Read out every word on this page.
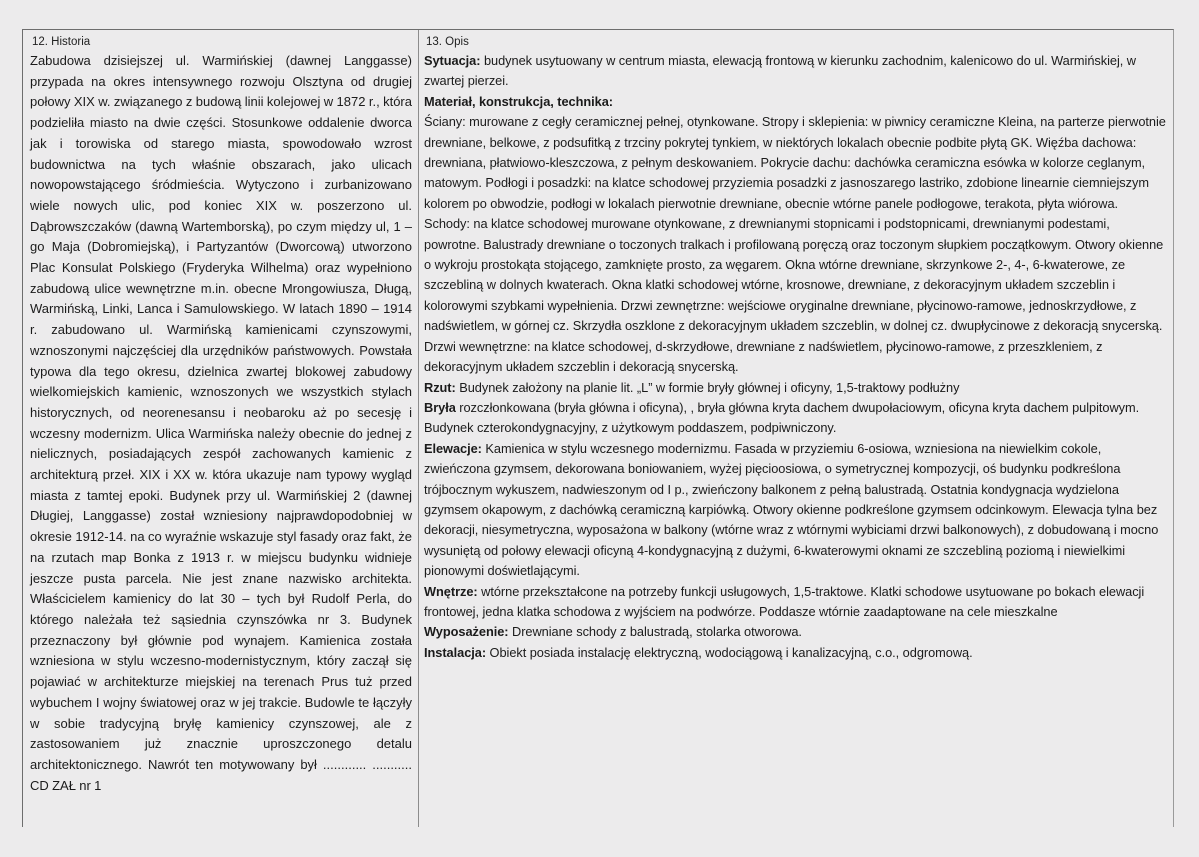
12. Historia	13. Opis

Zabudowa dzisiejszej ul. Warmińskiej (dawnej Langgasse) przypada na okres intensywnego rozwoju Olsztyna od drugiej połowy XIX w. związanego z budową linii kolejowej w 1872 r., która podzieliła miasto na dwie części. Stosunkowe oddalenie dworca jak i torowiska od starego miasta, spowodowało wzrost budownictwa na tych właśnie obszarach, jako ulicach nowopowstającego śródmieścia. Wytyczono i zurbanizowano wiele nowych ulic, pod koniec XIX w. poszerzono ul. Dąbrowszczaków (dawną Wartemborską), po czym między ul, 1 – go Maja (Dobromiejską), i Partyzantów (Dworcową) utworzono Plac Konsulat Polskiego (Fryderyka Wilhelma) oraz wypełniono zabudową ulice wewnętrzne m.in. obecne Mrongowiusza, Długą, Warmińską, Linki, Lanca i Samulowskiego. W latach 1890 – 1914 r. zabudowano ul. Warmińską kamienicami czynszowymi, wznoszonymi najczęściej dla urzędników państwowych. Powstała typowa dla tego okresu, dzielnica zwartej blokowej zabudowy wielkomiejskich kamienic, wznoszonych we wszystkich stylach historycznych, od neorenesansu i neobaroku aż po secesję i wczesny modernizm. Ulica Warmińska należy obecnie do jednej z nielicznych, posiadających zespół zachowanych kamienic z architekturą przeł. XIX i XX w. która ukazuje nam typowy wygląd miasta z tamtej epoki. Budynek przy ul. Warmińskiej 2 (dawnej Długiej, Langgasse) został wzniesiony najprawdopodobniej w okresie 1912-14. na co wyraźnie wskazuje styl fasady oraz fakt, że na rzutach map Bonka z 1913 r. w miejscu budynku widnieje jeszcze pusta parcela. Nie jest znane nazwisko architekta. Właścicielem kamienicy do lat 30 – tych był Rudolf Perla, do którego należała też sąsiednia czynszówka nr 3. Budynek przeznaczony był głównie pod wynajem. Kamienica została wzniesiona w stylu wczesno-modernistycznym, który zaczął się pojawiać w architekturze miejskiej na terenach Prus tuż przed wybuchem I wojny światowej oraz w jej trakcie. Budowle te łączyły w sobie tradycyjną bryłę kamienicy czynszowej, ale z zastosowaniem już znacznie uproszczonego detalu architektonicznego. Nawrót ten motywowany był ............ ........... CD ZAŁ nr 1

Sytuacja: budynek usytuowany w centrum miasta, elewacją frontową w kierunku zachodnim, kalenicowo do ul. Warmińskiej, w zwartej pierzei.

Materiał, konstrukcja, technika:

Ściany: murowane z cegły ceramicznej pełnej, otynkowane. Stropy i sklepienia: w piwnicy ceramiczne Kleina, na parterze pierwotnie drewniane, belkowe, z podsufitką z trzciny pokrytej tynkiem, w niektórych lokalach obecnie podbite płytą GK. Więźba dachowa: drewniana, płatwiowo-kleszczowa, z pełnym deskowaniem. Pokrycie dachu: dachówka ceramiczna esówka w kolorze ceglanym, matowym. Podłogi i posadzki: na klatce schodowej przyziemia posadzki z jasnoszarego lastriko, zdobione linearnie ciemniejszym kolorem po obwodzie, podłogi w lokalach pierwotnie drewniane, obecnie wtórne panele podłogowe, terakota, płyta wiórowa. Schody: na klatce schodowej murowane otynkowane, z drewnianymi stopnicami i podstopnicami, drewnianymi podestami, powrotne. Balustrady drewniane o toczonych tralkach i profilowaną poręczą oraz toczonym słupkiem początkowym. Otwory okienne o wykroju prostokąta stojącego, zamknięte prosto, za węgarem. Okna wtórne drewniane, skrzynkowe 2-, 4-, 6-kwaterowe, ze szczebliną w dolnych kwaterach. Okna klatki schodowej wtórne, krosnowe, drewniane, z dekoracyjnym układem szczeblin i kolorowymi szybkami wypełnienia. Drzwi zewnętrzne: wejściowe oryginalne drewniane, płycinowo-ramowe, jednoskrzydłowe, z nadświetlem, w górnej cz. Skrzydła oszklone z dekoracyjnym układem szczeblin, w dolnej cz. dwupłycinowe z dekoracją snycerską. Drzwi wewnętrzne: na klatce schodowej, d-skrzydłowe, drewniane z nadświetlem, płycinowo-ramowe, z przeszkleniem, z dekoracyjnym układem szczeblin i dekoracją snycerską.

Rzut: Budynek założony na planie lit. „L” w formie bryły głównej i oficyny, 1,5-traktowy podłużny

Bryła rozczłonkowana (bryła główna i oficyna), , bryła główna kryta dachem dwupołaciowym, oficyna kryta dachem pulpitowym. Budynek czterokondygnacyjny, z użytkowym poddaszem, podpiwniczony.

Elewacje: Kamienica w stylu wczesnego modernizmu. Fasada w przyziemiu 6-osiowa, wzniesiona na niewielkim cokole, zwieńczona gzymsem, dekorowana boniowaniem, wyżej pięcioosiowa, o symetrycznej kompozycji, oś budynku podkreślona trójbocznym wykuszem, nadwieszonym od I p., zwieńczony balkonem z pełną balustradą. Ostatnia kondygnacja wydzielona gzymsem okapowym, z dachówką ceramiczną karpiówką. Otwory okienne podkreślone gzymsem odcinkowym. Elewacja tylna bez dekoracji, niesymetryczna, wyposażona w balkony (wtórne wraz z wtórnymi wybiciami drzwi balkonowych), z dobudowaną i mocno wysuniętą od połowy elewacji oficyną 4-kondygnacyjną z dużymi, 6-kwaterowymi oknami ze szczebliną poziomą i niewielkimi pionowymi doświetlającymi.

Wnętrze: wtórne przekształcone na potrzeby funkcji usługowych, 1,5-traktowe. Klatki schodowe usytuowane po bokach elewacji frontowej, jedna klatka schodowa z wyjściem na podwórze. Poddasze wtórnie zaadaptowane na cele mieszkalne

Wyposażenie: Drewniane schody z balustradą, stolarka otworowa.

Instalacja: Obiekt posiada instalację elektryczną, wodociągową i kanalizacyjną, c.o., odgromową.
